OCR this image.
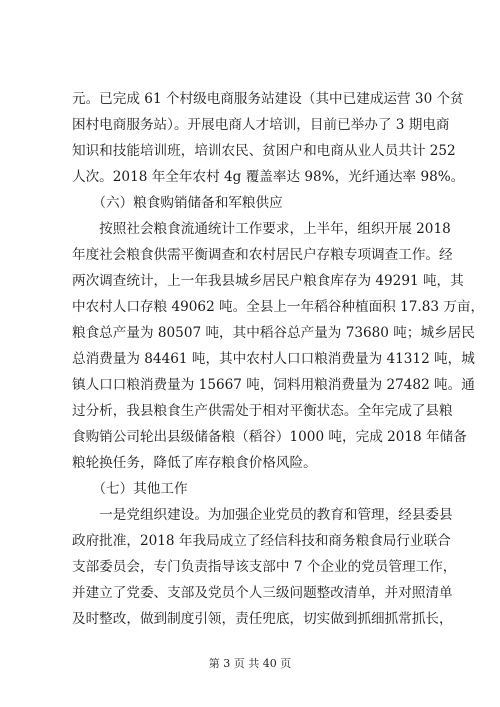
元。已完成 61 个村级电商服务站建设（其中已建成运营 30 个贫
困村电商服务站）。开展电商人才培训，目前已举办了 3 期电商
知识和技能培训班，培训农民、贫困户和电商从业人员共计 252
人次。2018 年全年农村 4g 覆盖率达 98%，光纤通达率 98%。
　　（六）粮食购销储备和军粮供应
　　按照社会粮食流通统计工作要求，上半年，组织开展 2018
年度社会粮食供需平衡调查和农村居民户存粮专项调查工作。经
两次调查统计，上一年我县城乡居民户粮食库存为 49291 吨，其
中农村人口存粮 49062 吨。全县上一年稻谷种植面积 17.83 万亩，
粮食总产量为 80507 吨，其中稻谷总产量为 73680 吨；城乡居民
总消费量为 84461 吨，其中农村人口口粮消费量为 41312 吨，城
镇人口口粮消费量为 15667 吨，饲料用粮消费量为 27482 吨。通
过分析，我县粮食生产供需处于相对平衡状态。全年完成了县粮
食购销公司轮出县级储备粮（稻谷）1000 吨，完成 2018 年储备
粮轮换任务，降低了库存粮食价格风险。
　　（七）其他工作
　　一是党组织建设。为加强企业党员的教育和管理，经县委县
政府批准，2018 年我局成立了经信科技和商务粮食局行业联合
支部委员会，专门负责指导该支部中 7 个企业的党员管理工作，
并建立了党委、支部及党员个人三级问题整改清单，并对照清单
及时整改，做到制度引领，责任兜底，切实做到抓细抓常抓长，
第 3 页 共 40 页
